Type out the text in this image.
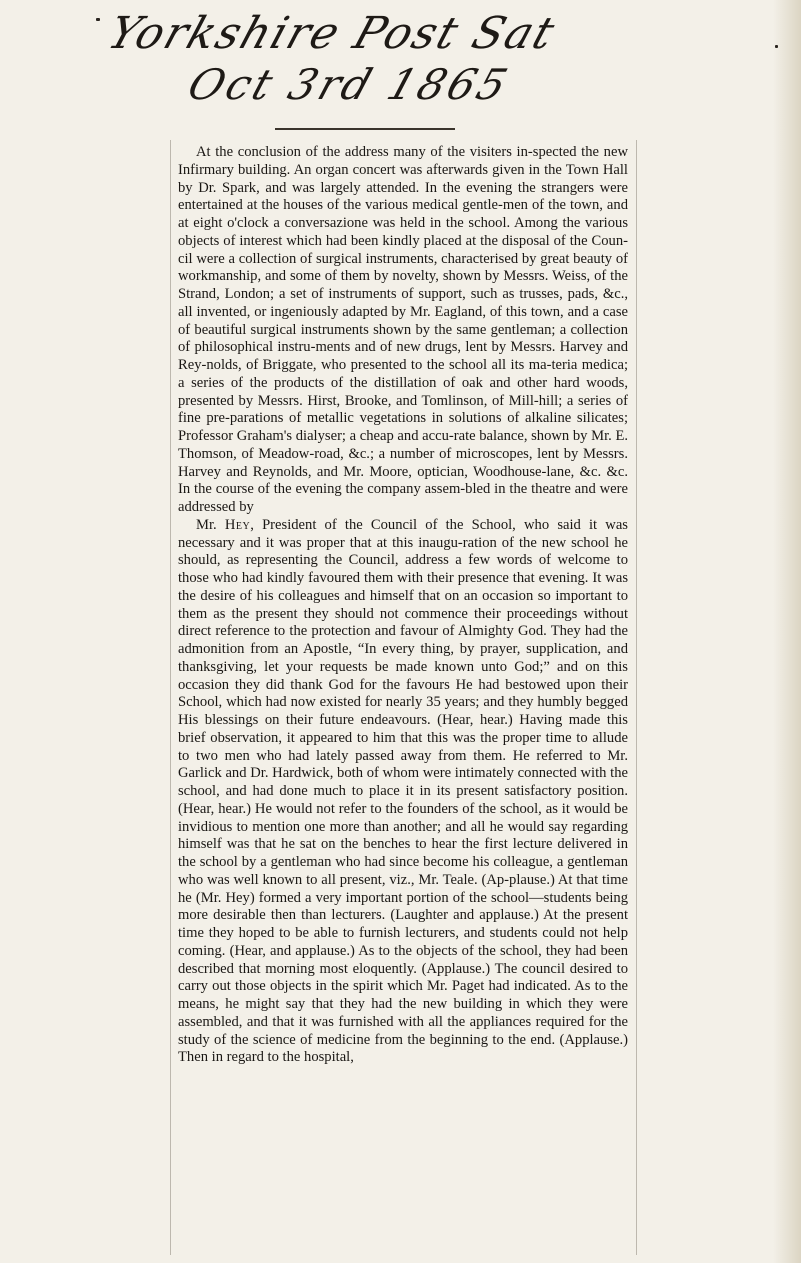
Yorkshire Post Sat
Oct 3rd 1865

At the conclusion of the address many of the visiters in-spected the new Infirmary building. An organ concert was afterwards given in the Town Hall by Dr. Spark, and was largely attended. In the evening the strangers were entertained at the houses of the various medical gentle-men of the town, and at eight o'clock a conversazione was held in the school. Among the various objects of interest which had been kindly placed at the disposal of the Coun-cil were a collection of surgical instruments, characterised by great beauty of workmanship, and some of them by novelty, shown by Messrs. Weiss, of the Strand, London; a set of instruments of support, such as trusses, pads, &c., all invented, or ingeniously adapted by Mr. Eagland, of this town, and a case of beautiful surgical instruments shown by the same gentleman; a collection of philosophical instru-ments and of new drugs, lent by Messrs. Harvey and Rey-nolds, of Briggate, who presented to the school all its ma-teria medica; a series of the products of the distillation of oak and other hard woods, presented by Messrs. Hirst, Brooke, and Tomlinson, of Mill-hill; a series of fine pre-parations of metallic vegetations in solutions of alkaline silicates; Professor Graham's dialyser; a cheap and accu-rate balance, shown by Mr. E. Thomson, of Meadow-road, &c.; a number of microscopes, lent by Messrs. Harvey and Reynolds, and Mr. Moore, optician, Woodhouse-lane, &c. &c. In the course of the evening the company assem-bled in the theatre and were addressed by

Mr. Hey, President of the Council of the School, who said it was necessary and it was proper that at this inaugu-ration of the new school he should, as representing the Council, address a few words of welcome to those who had kindly favoured them with their presence that evening. It was the desire of his colleagues and himself that on an occasion so important to them as the present they should not commence their proceedings without direct reference to the protection and favour of Almighty God. They had the admonition from an Apostle, “In every thing, by prayer, supplication, and thanksgiving, let your requests be made known unto God;” and on this occasion they did thank God for the favours He had bestowed upon their School, which had now existed for nearly 35 years; and they humbly begged His blessings on their future endeavours. (Hear, hear.) Having made this brief observation, it appeared to him that this was the proper time to allude to two men who had lately passed away from them. He referred to Mr. Garlick and Dr. Hardwick, both of whom were intimately connected with the school, and had done much to place it in its present satisfactory position. (Hear, hear.) He would not refer to the founders of the school, as it would be invidious to mention one more than another; and all he would say regarding himself was that he sat on the benches to hear the first lecture delivered in the school by a gentleman who had since become his colleague, a gentleman who was well known to all present, viz., Mr. Teale. (Ap-plause.) At that time he (Mr. Hey) formed a very important portion of the school—students being more desirable then than lecturers. (Laughter and applause.) At the present time they hoped to be able to furnish lecturers, and students could not help coming. (Hear, and applause.) As to the objects of the school, they had been described that morning most eloquently. (Applause.) The council desired to carry out those objects in the spirit which Mr. Paget had indicated. As to the means, he might say that they had the new building in which they were assembled, and that it was furnished with all the appliances required for the study of the science of medicine from the beginning to the end. (Applause.) Then in regard to the hospital,
